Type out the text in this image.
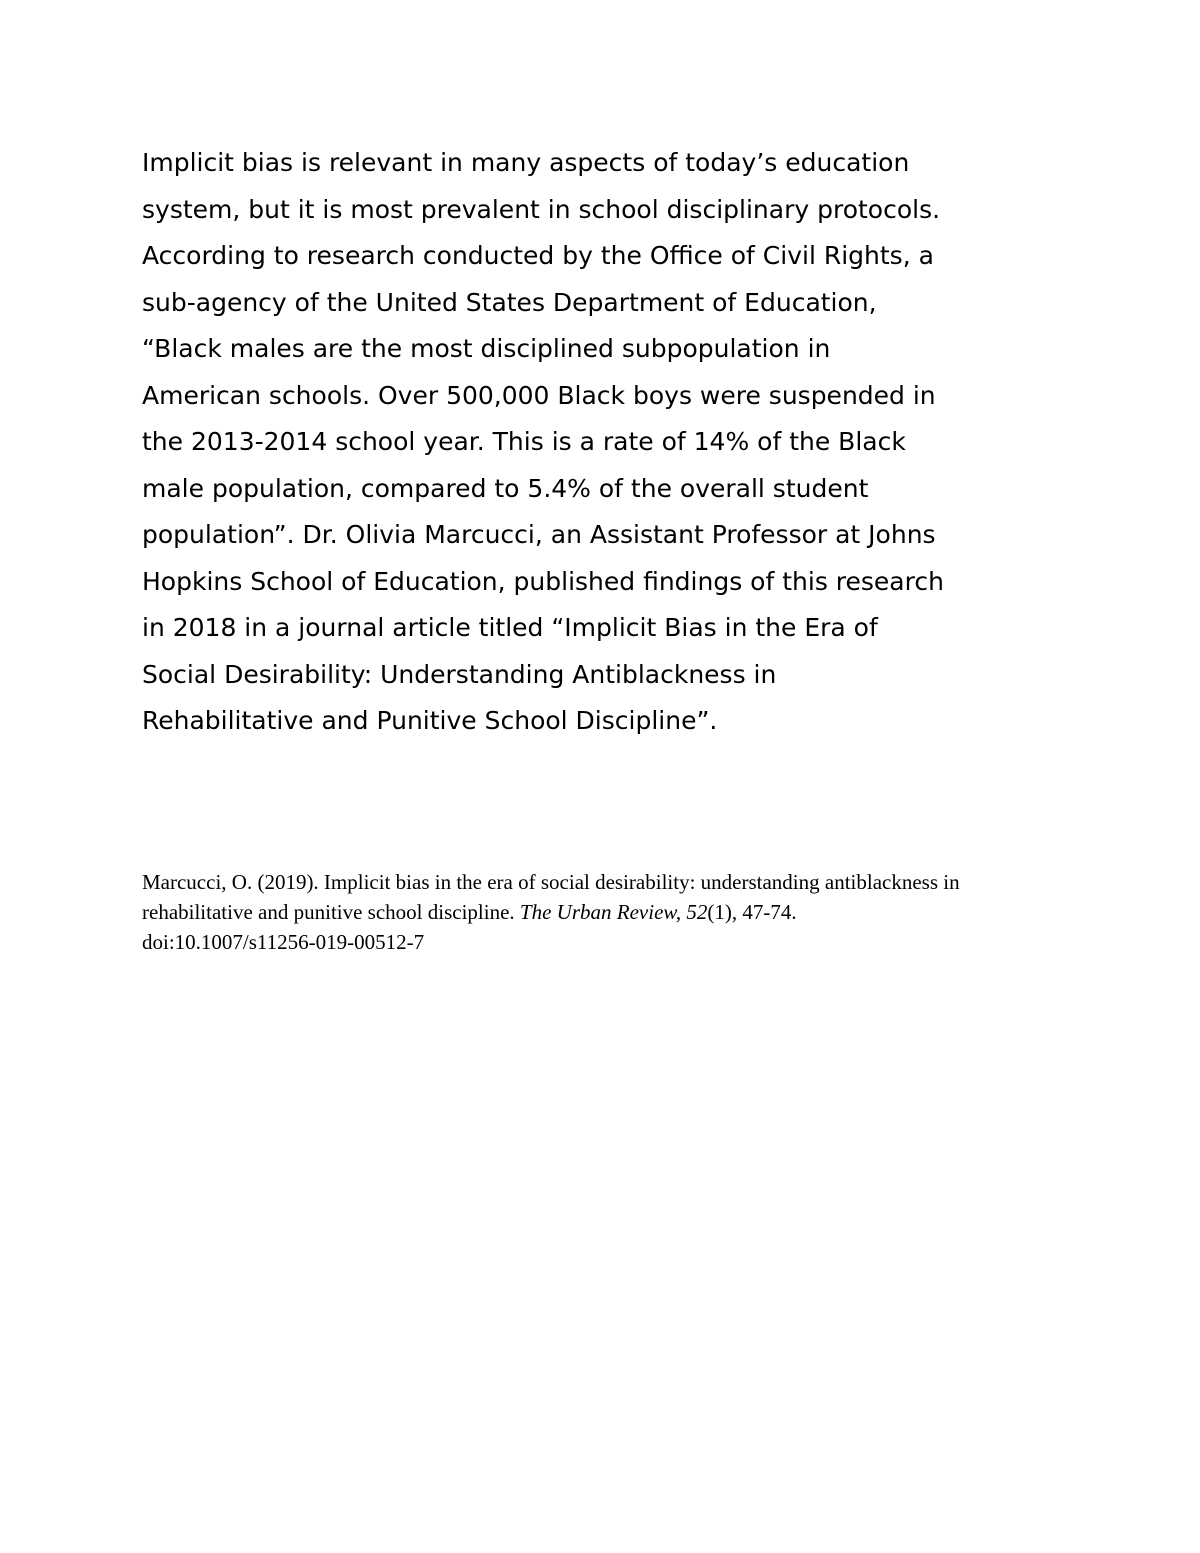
Implicit bias is relevant in many aspects of today’s education
system, but it is most prevalent in school disciplinary protocols.
According to research conducted by the Office of Civil Rights, a
sub-agency of the United States Department of Education,
“Black males are the most disciplined subpopulation in
American schools. Over 500,000 Black boys were suspended in
the 2013-2014 school year. This is a rate of 14% of the Black
male population, compared to 5.4% of the overall student
population”. Dr. Olivia Marcucci, an Assistant Professor at Johns
Hopkins School of Education, published findings of this research
in 2018 in a journal article titled “Implicit Bias in the Era of
Social Desirability: Understanding Antiblackness in
Rehabilitative and Punitive School Discipline”.
Marcucci, O. (2019). Implicit bias in the era of social desirability: understanding antiblackness in
rehabilitative and punitive school discipline. The Urban Review, 52(1), 47-74.
doi:10.1007/s11256-019-00512-7
